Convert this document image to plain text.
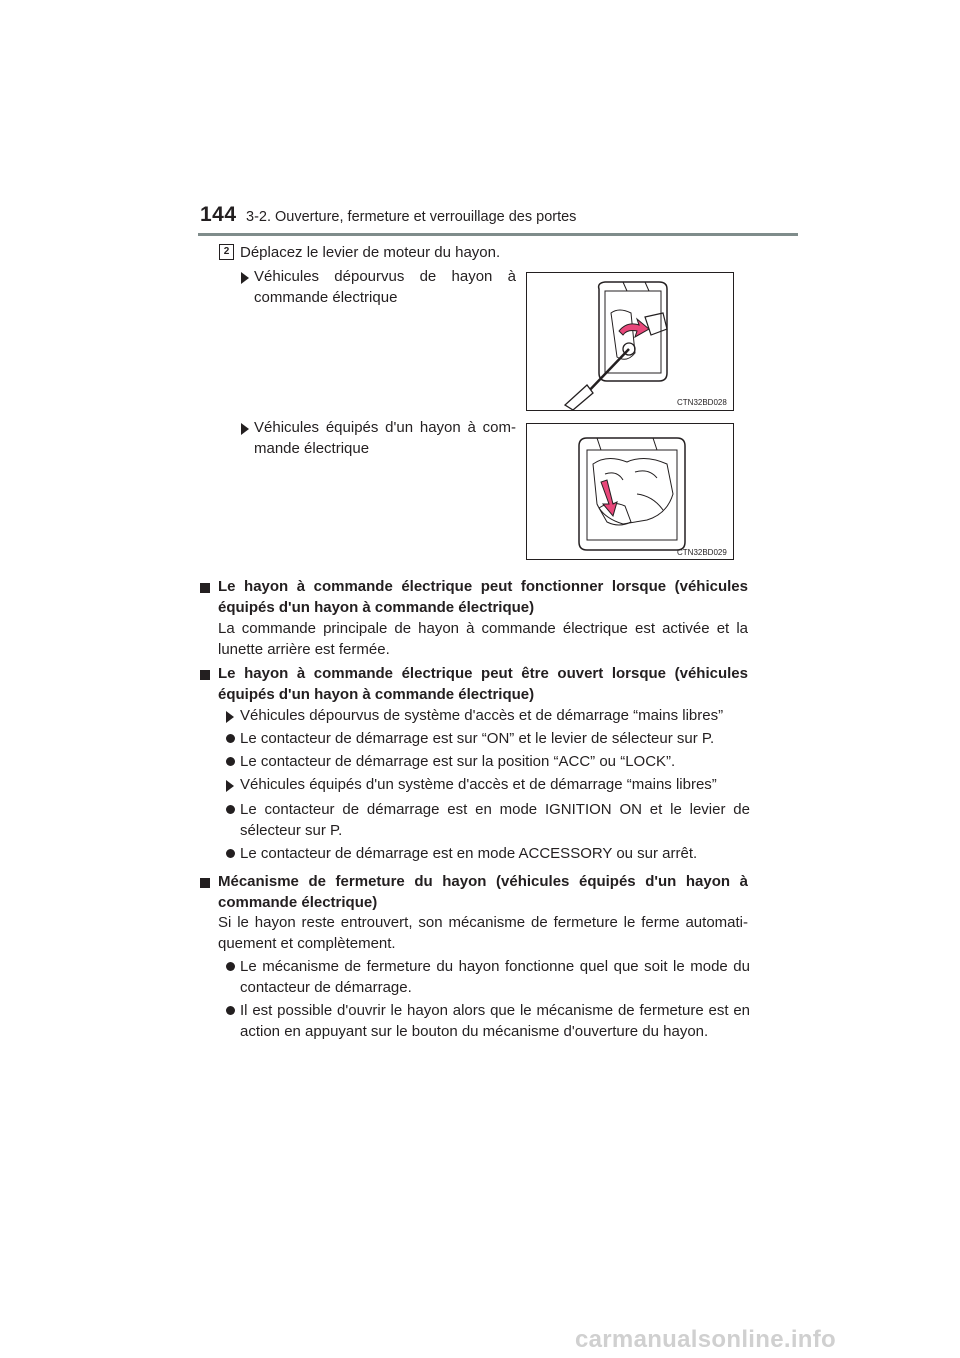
144 3-2. Ouverture, fermeture et verrouillage des portes
2 Déplacez le levier de moteur du hayon.
Véhicules dépourvus de hayon à commande électrique
CTN32BD028
Véhicules équipés d'un hayon à com-mande électrique
CTN32BD029
Le hayon à commande électrique peut fonctionner lorsque (véhicules équipés d'un hayon à commande électrique)
La commande principale de hayon à commande électrique est activée et la lunette arrière est fermée.
Le hayon à commande électrique peut être ouvert lorsque (véhicules équipés d'un hayon à commande électrique)
Véhicules dépourvus de système d'accès et de démarrage “mains libres”
Le contacteur de démarrage est sur “ON” et le levier de sélecteur sur P.
Le contacteur de démarrage est sur la position “ACC” ou “LOCK”.
Véhicules équipés d'un système d'accès et de démarrage “mains libres”
Le contacteur de démarrage est en mode IGNITION ON et le levier de sélecteur sur P.
Le contacteur de démarrage est en mode ACCESSORY ou sur arrêt.
Mécanisme de fermeture du hayon (véhicules équipés d'un hayon à commande électrique)
Si le hayon reste entrouvert, son mécanisme de fermeture le ferme automati-quement et complètement.
Le mécanisme de fermeture du hayon fonctionne quel que soit le mode du contacteur de démarrage.
Il est possible d'ouvrir le hayon alors que le mécanisme de fermeture est en action en appuyant sur le bouton du mécanisme d'ouverture du hayon.
carmanualsonline.info
